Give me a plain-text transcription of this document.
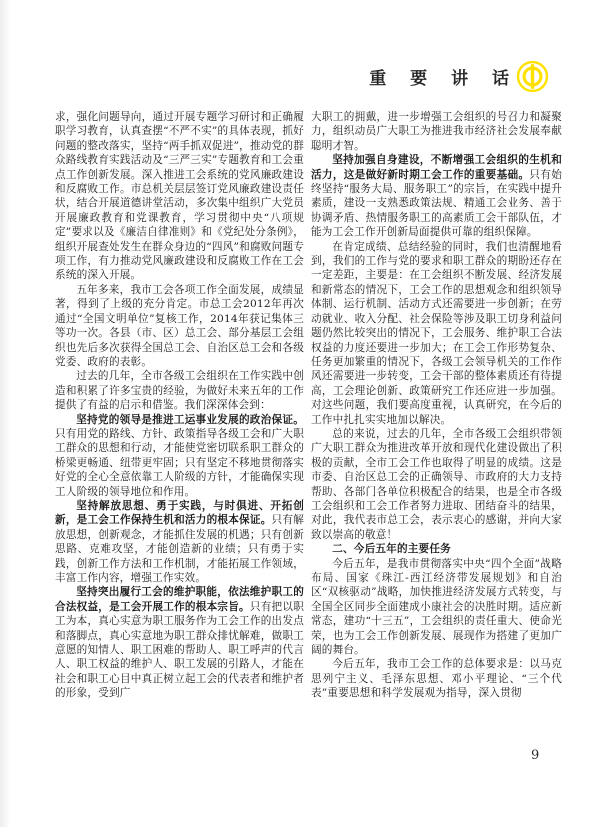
重 要 讲 话

求，强化问题导向，通过开展专题学习研讨和正确履职学习教育，认真查摆“不严不实”的具体表现，抓好问题的整改落实，坚持“两手抓双促进”，推动党的群众路线教育实践活动及“三严三实”专题教育和工会重点工作创新发展。深入推进工会系统的党风廉政建设和反腐败工作。市总机关层层签订党风廉政建设责任状，结合开展道德讲堂活动，多次集中组织广大党员开展廉政教育和党课教育，学习贯彻中央“八项规定”要求以及《廉洁自律准则》和《党纪处分条例》，组织开展查处发生在群众身边的“四风”和腐败问题专项工作，有力推动党风廉政建设和反腐败工作在工会系统的深入开展。

五年多来，我市工会各项工作全面发展，成绩显著，得到了上级的充分肯定。市总工会2012年再次通过“全国文明单位”复核工作，2014年获记集体三等功一次。各县（市、区）总工会、部分基层工会组织也先后多次获得全国总工会、自治区总工会和各级党委、政府的表彰。

过去的几年，全市各级工会组织在工作实践中创造和积累了许多宝贵的经验，为做好未来五年的工作提供了有益的启示和借鉴。我们深深体会到：

坚持党的领导是推进工运事业发展的政治保证。只有用党的路线、方针、政策指导各级工会和广大职工群众的思想和行动，才能使党密切联系职工群众的桥梁更畅通、纽带更牢固；只有坚定不移地贯彻落实好党的全心全意依靠工人阶级的方针，才能确保实现工人阶级的领导地位和作用。

坚持解放思想、勇于实践，与时俱进、开拓创新，是工会工作保持生机和活力的根本保证。只有解放思想，创新观念，才能抓住发展的机遇；只有创新思路、克难攻坚，才能创造新的业绩；只有勇于实践，创新工作方法和工作机制，才能拓展工作领域，丰富工作内容，增强工作实效。

坚持突出履行工会的维护职能，依法维护职工的合法权益，是工会开展工作的根本宗旨。只有把以职工为本，真心实意为职工服务作为工会工作的出发点和落脚点，真心实意地为职工群众排忧解难，做职工意愿的知情人、职工困难的帮助人、职工呼声的代言人、职工权益的维护人、职工发展的引路人，才能在社会和职工心目中真正树立起工会的代表者和维护者的形象，受到广

大职工的拥戴，进一步增强工会组织的号召力和凝聚力，组织动员广大职工为推进我市经济社会发展奉献聪明才智。

坚持加强自身建设，不断增强工会组织的生机和活力，这是做好新时期工会工作的重要基础。只有始终坚持“服务大局、服务职工”的宗旨，在实践中提升素质，建设一支熟悉政策法规、精通工会业务、善于协调矛盾、热情服务职工的高素质工会干部队伍，才能为工会工作开创新局面提供可靠的组织保障。

在肯定成绩、总结经验的同时，我们也清醒地看到，我们的工作与党的要求和职工群众的期盼还存在一定差距，主要是：在工会组织不断发展、经济发展和新常态的情况下，工会工作的思想观念和组织领导体制、运行机制、活动方式还需要进一步创新；在劳动就业、收入分配、社会保险等涉及职工切身利益问题仍然比较突出的情况下，工会服务、维护职工合法权益的力度还要进一步加大；在工会工作形势复杂、任务更加繁重的情况下，各级工会领导机关的工作作风还需要进一步转变，工会干部的整体素质还有待提高，工会理论创新、政策研究工作还应进一步加强。对这些问题，我们要高度重视，认真研究，在今后的工作中扎扎实实地加以解决。

总的来说，过去的几年，全市各级工会组织带领广大职工群众为推进改革开放和现代化建设做出了积极的贡献，全市工会工作也取得了明显的成绩。这是市委、自治区总工会的正确领导、市政府的大力支持帮助、各部门各单位积极配合的结果，也是全市各级工会组织和工会工作者努力进取、团结奋斗的结果，对此，我代表市总工会，表示衷心的感谢，并向大家致以崇高的敬意！

二、今后五年的主要任务

今后五年，是我市贯彻落实中央“四个全面”战略布局、国家《珠江-西江经济带发展规划》和自治区“双核驱动”战略，加快推进经济发展方式转变，与全国全区同步全面建成小康社会的决胜时期。适应新常态，建功“十三五”，工会组织的责任重大、使命光荣，也为工会工作创新发展、展现作为搭建了更加广阔的舞台。

今后五年，我市工会工作的总体要求是：以马克思列宁主义、毛泽东思想、邓小平理论、“三个代表”重要思想和科学发展观为指导，深入贯彻

9
